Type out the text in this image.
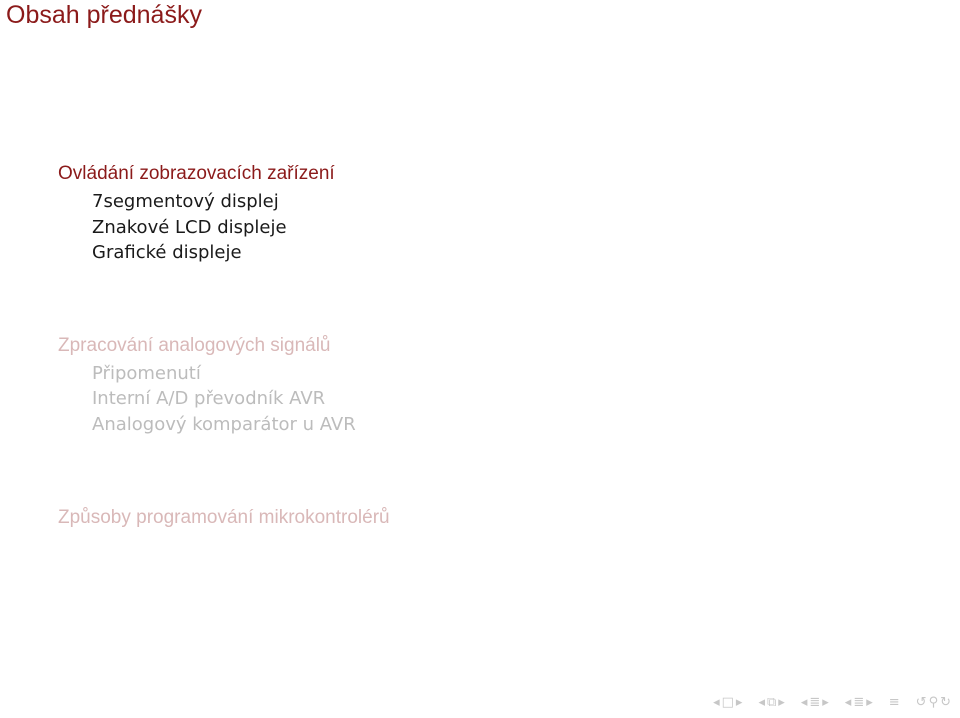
Obsah přednášky
Ovládání zobrazovacích zařízení
7segmentový displej
Znakové LCD displeje
Grafické displeje
Zpracování analogových signálů
Připomenutí
Interní A/D převodník AVR
Analogový komparátor u AVR
Způsoby programování mikrokontrolérů
◂ □ ▸ ◂ ⧉ ▸ ◂ ≣ ▸ ◂ ≣ ▸ ≡ ↺ ⚲ ↻
